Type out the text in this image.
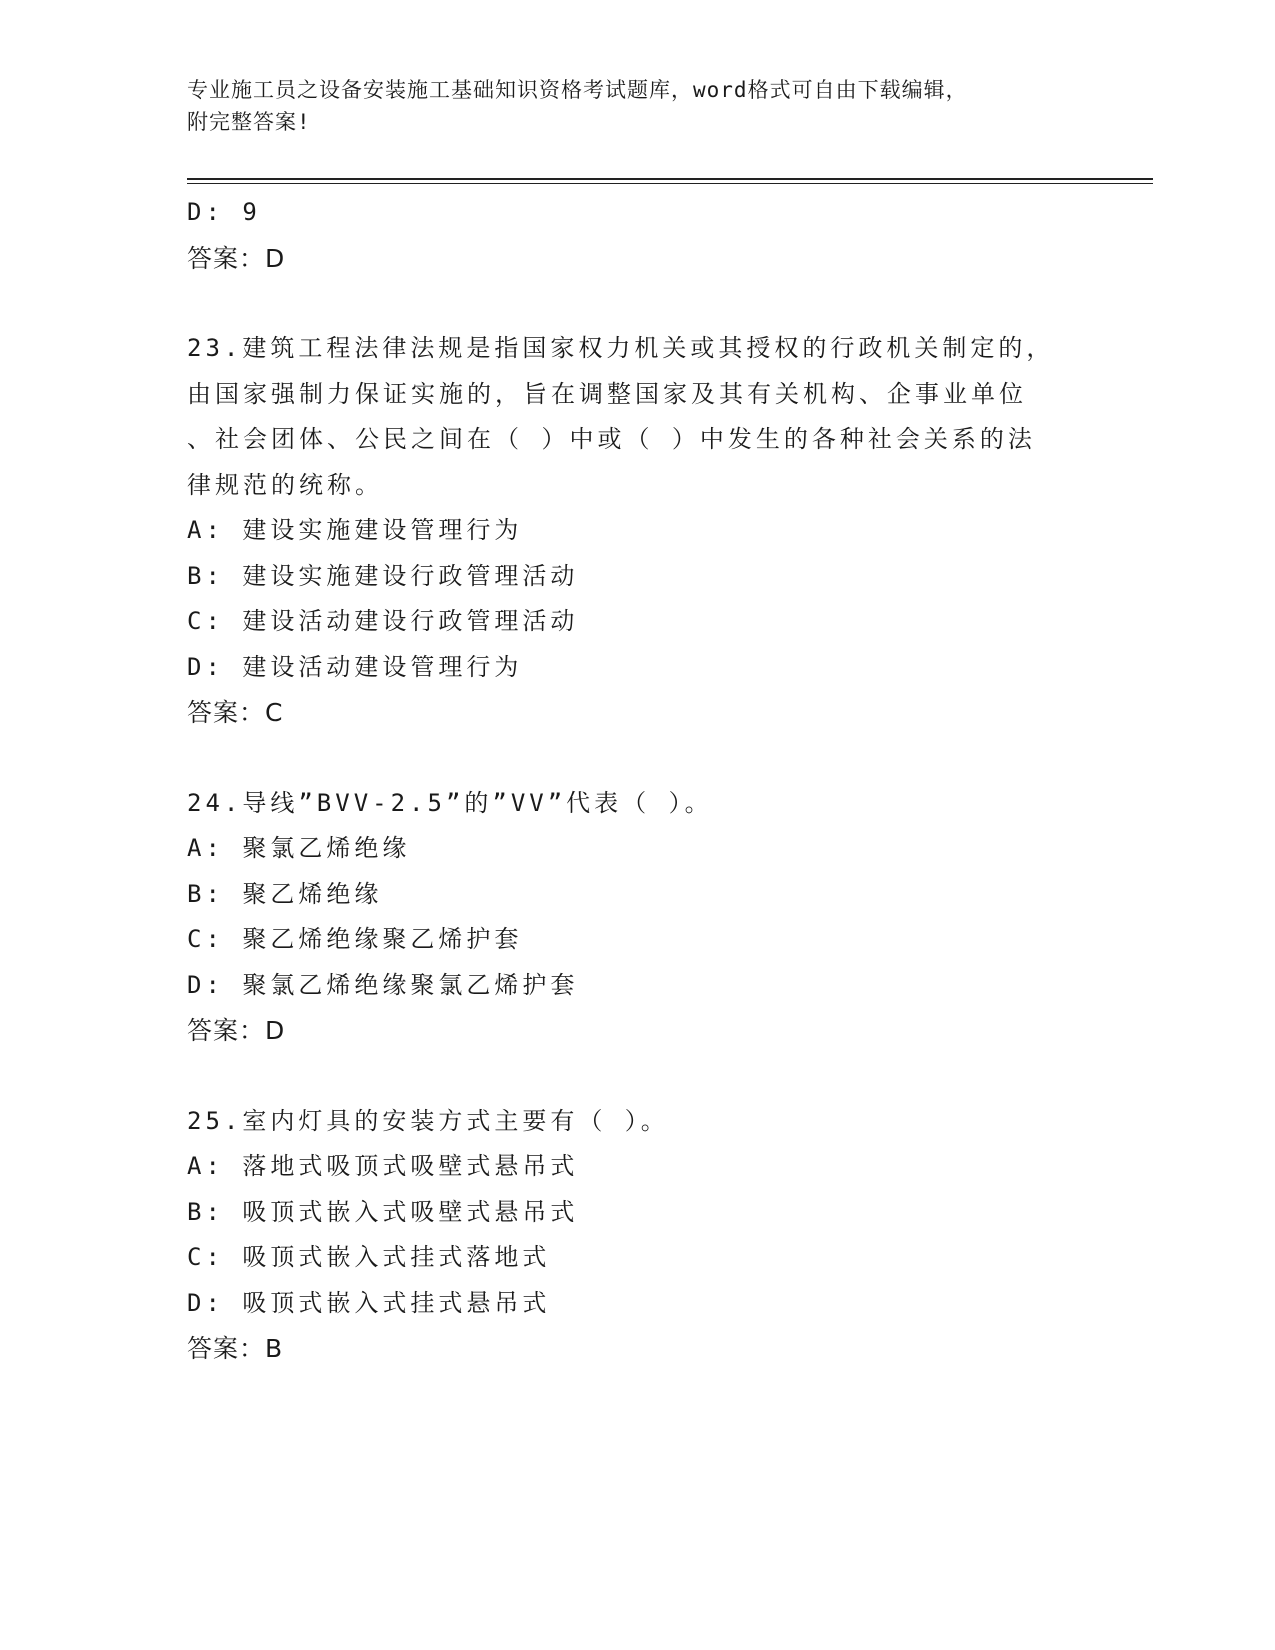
专业施工员之设备安装施工基础知识资格考试题库，word格式可自由下载编辑，
附完整答案!
D: 9
答案：D
23.建筑工程法律法规是指国家权力机关或其授权的行政机关制定的，
由国家强制力保证实施的，旨在调整国家及其有关机构、企事业单位
、社会团体、公民之间在（ ）中或（ ）中发生的各种社会关系的法
律规范的统称。
A: 建设实施建设管理行为
B: 建设实施建设行政管理活动
C: 建设活动建设行政管理活动
D: 建设活动建设管理行为
答案：C
24.导线”BVV-2.5”的”VV”代表（ ）。
A: 聚氯乙烯绝缘
B: 聚乙烯绝缘
C: 聚乙烯绝缘聚乙烯护套
D: 聚氯乙烯绝缘聚氯乙烯护套
答案：D
25.室内灯具的安装方式主要有（ ）。
A: 落地式吸顶式吸壁式悬吊式
B: 吸顶式嵌入式吸壁式悬吊式
C: 吸顶式嵌入式挂式落地式
D: 吸顶式嵌入式挂式悬吊式
答案：B
